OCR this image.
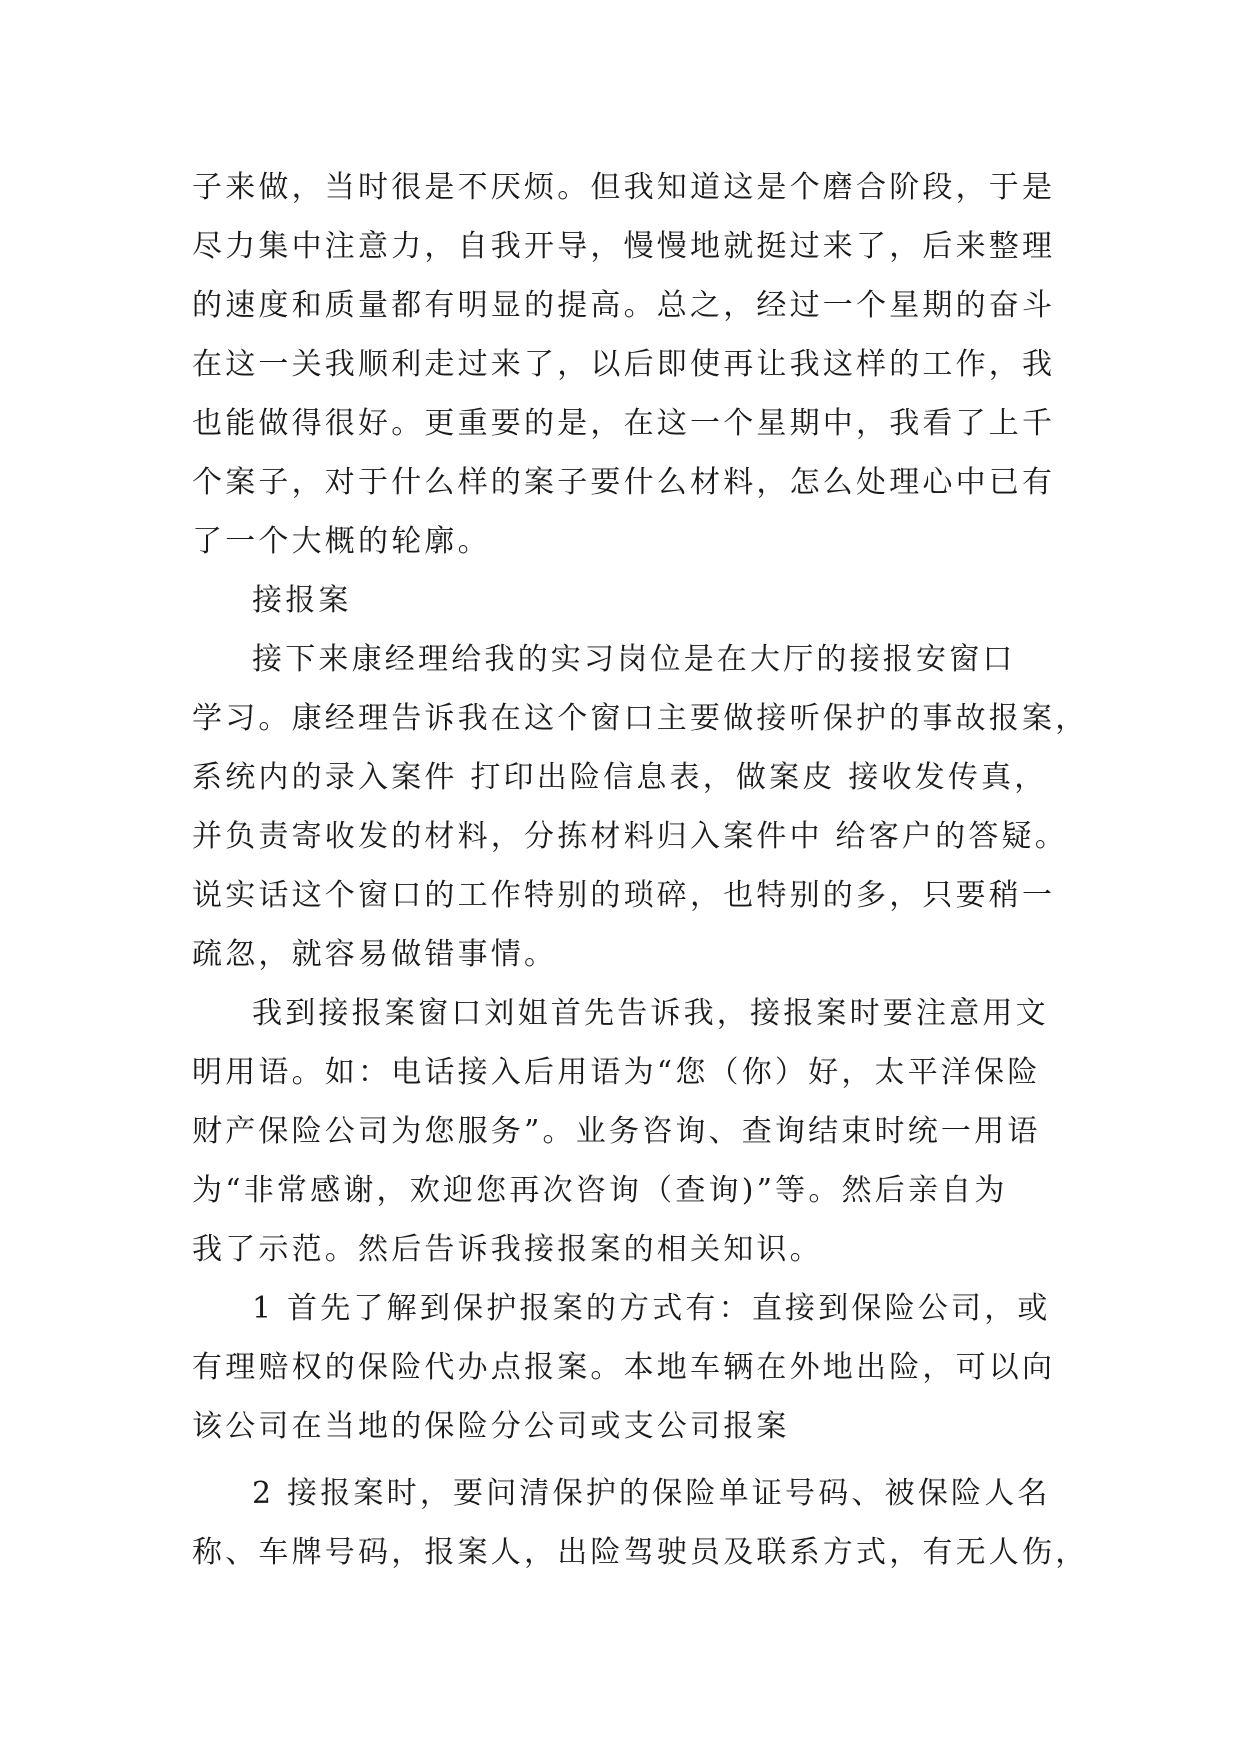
子来做，当时很是不厌烦。但我知道这是个磨合阶段，于是
尽力集中注意力，自我开导，慢慢地就挺过来了，后来整理
的速度和质量都有明显的提高。总之，经过一个星期的奋斗
在这一关我顺利走过来了，以后即使再让我这样的工作，我
也能做得很好。更重要的是，在这一个星期中，我看了上千
个案子，对于什么样的案子要什么材料，怎么处理心中已有
了一个大概的轮廓。
接报案
接下来康经理给我的实习岗位是在大厅的接报安窗口
学习。康经理告诉我在这个窗口主要做接听保护的事故报案，
系统内的录入案件 打印出险信息表，做案皮 接收发传真，
并负责寄收发的材料，分拣材料归入案件中 给客户的答疑。
说实话这个窗口的工作特别的琐碎，也特别的多，只要稍一
疏忽，就容易做错事情。
我到接报案窗口刘姐首先告诉我，接报案时要注意用文
明用语。如：电话接入后用语为“您（你）好，太平洋保险
财产保险公司为您服务”。业务咨询、查询结束时统一用语
为“非常感谢，欢迎您再次咨询（查询)”等。然后亲自为
我了示范。然后告诉我接报案的相关知识。
1 首先了解到保护报案的方式有：直接到保险公司，或
有理赔权的保险代办点报案。本地车辆在外地出险，可以向
该公司在当地的保险分公司或支公司报案
2 接报案时，要问清保护的保险单证号码、被保险人名
称、车牌号码，报案人，出险驾驶员及联系方式，有无人伤，
